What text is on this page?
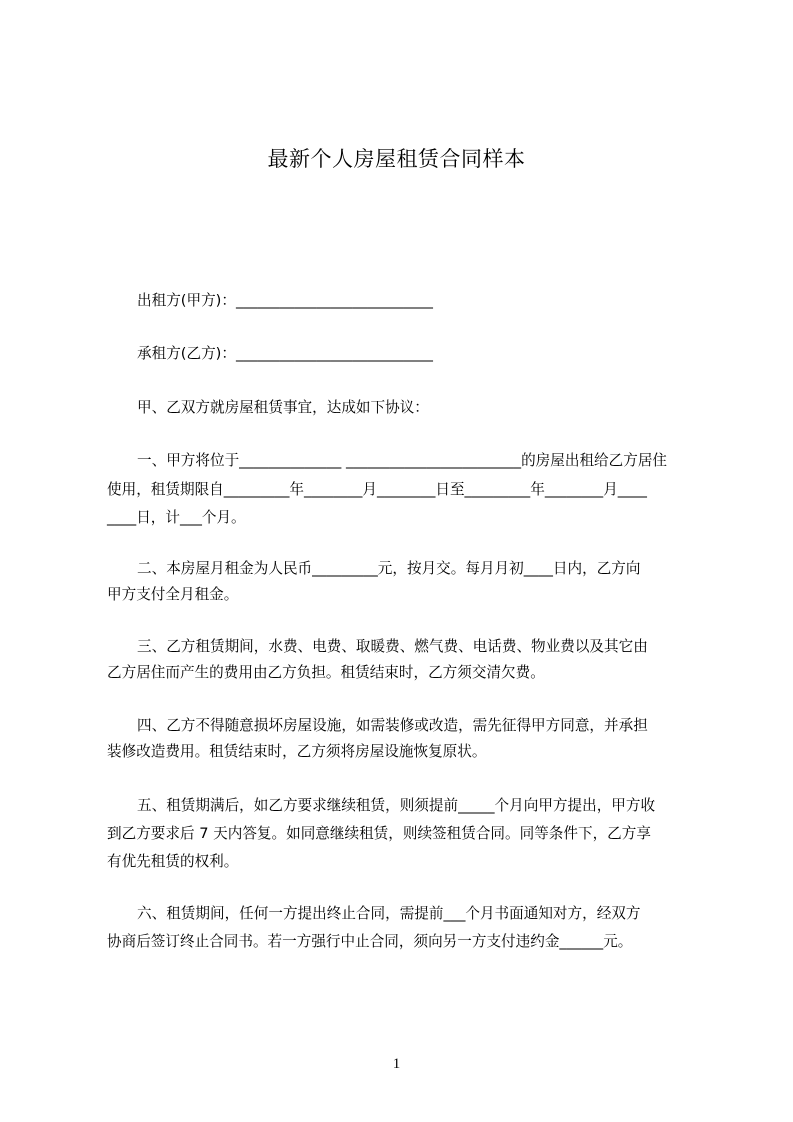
最新个人房屋租赁合同样本
出租方(甲方)：___________________________
承租方(乙方)：___________________________
甲、乙双方就房屋租赁事宜，达成如下协议：
一、甲方将位于______________ ________________________的房屋出租给乙方居住
使用，租赁期限自_________年________月________日至_________年________月____
____日，计___个月。
二、本房屋月租金为人民币_________元，按月交。每月月初____日内，乙方向
甲方支付全月租金。
三、乙方租赁期间，水费、电费、取暖费、燃气费、电话费、物业费以及其它由
乙方居住而产生的费用由乙方负担。租赁结束时，乙方须交清欠费。
四、乙方不得随意损坏房屋设施，如需装修或改造，需先征得甲方同意，并承担
装修改造费用。租赁结束时，乙方须将房屋设施恢复原状。
五、租赁期满后，如乙方要求继续租赁，则须提前_____个月向甲方提出，甲方收
到乙方要求后 7 天内答复。如同意继续租赁，则续签租赁合同。同等条件下，乙方享
有优先租赁的权利。
六、租赁期间，任何一方提出终止合同，需提前___个月书面通知对方，经双方
协商后签订终止合同书。若一方强行中止合同，须向另一方支付违约金______元。
1
